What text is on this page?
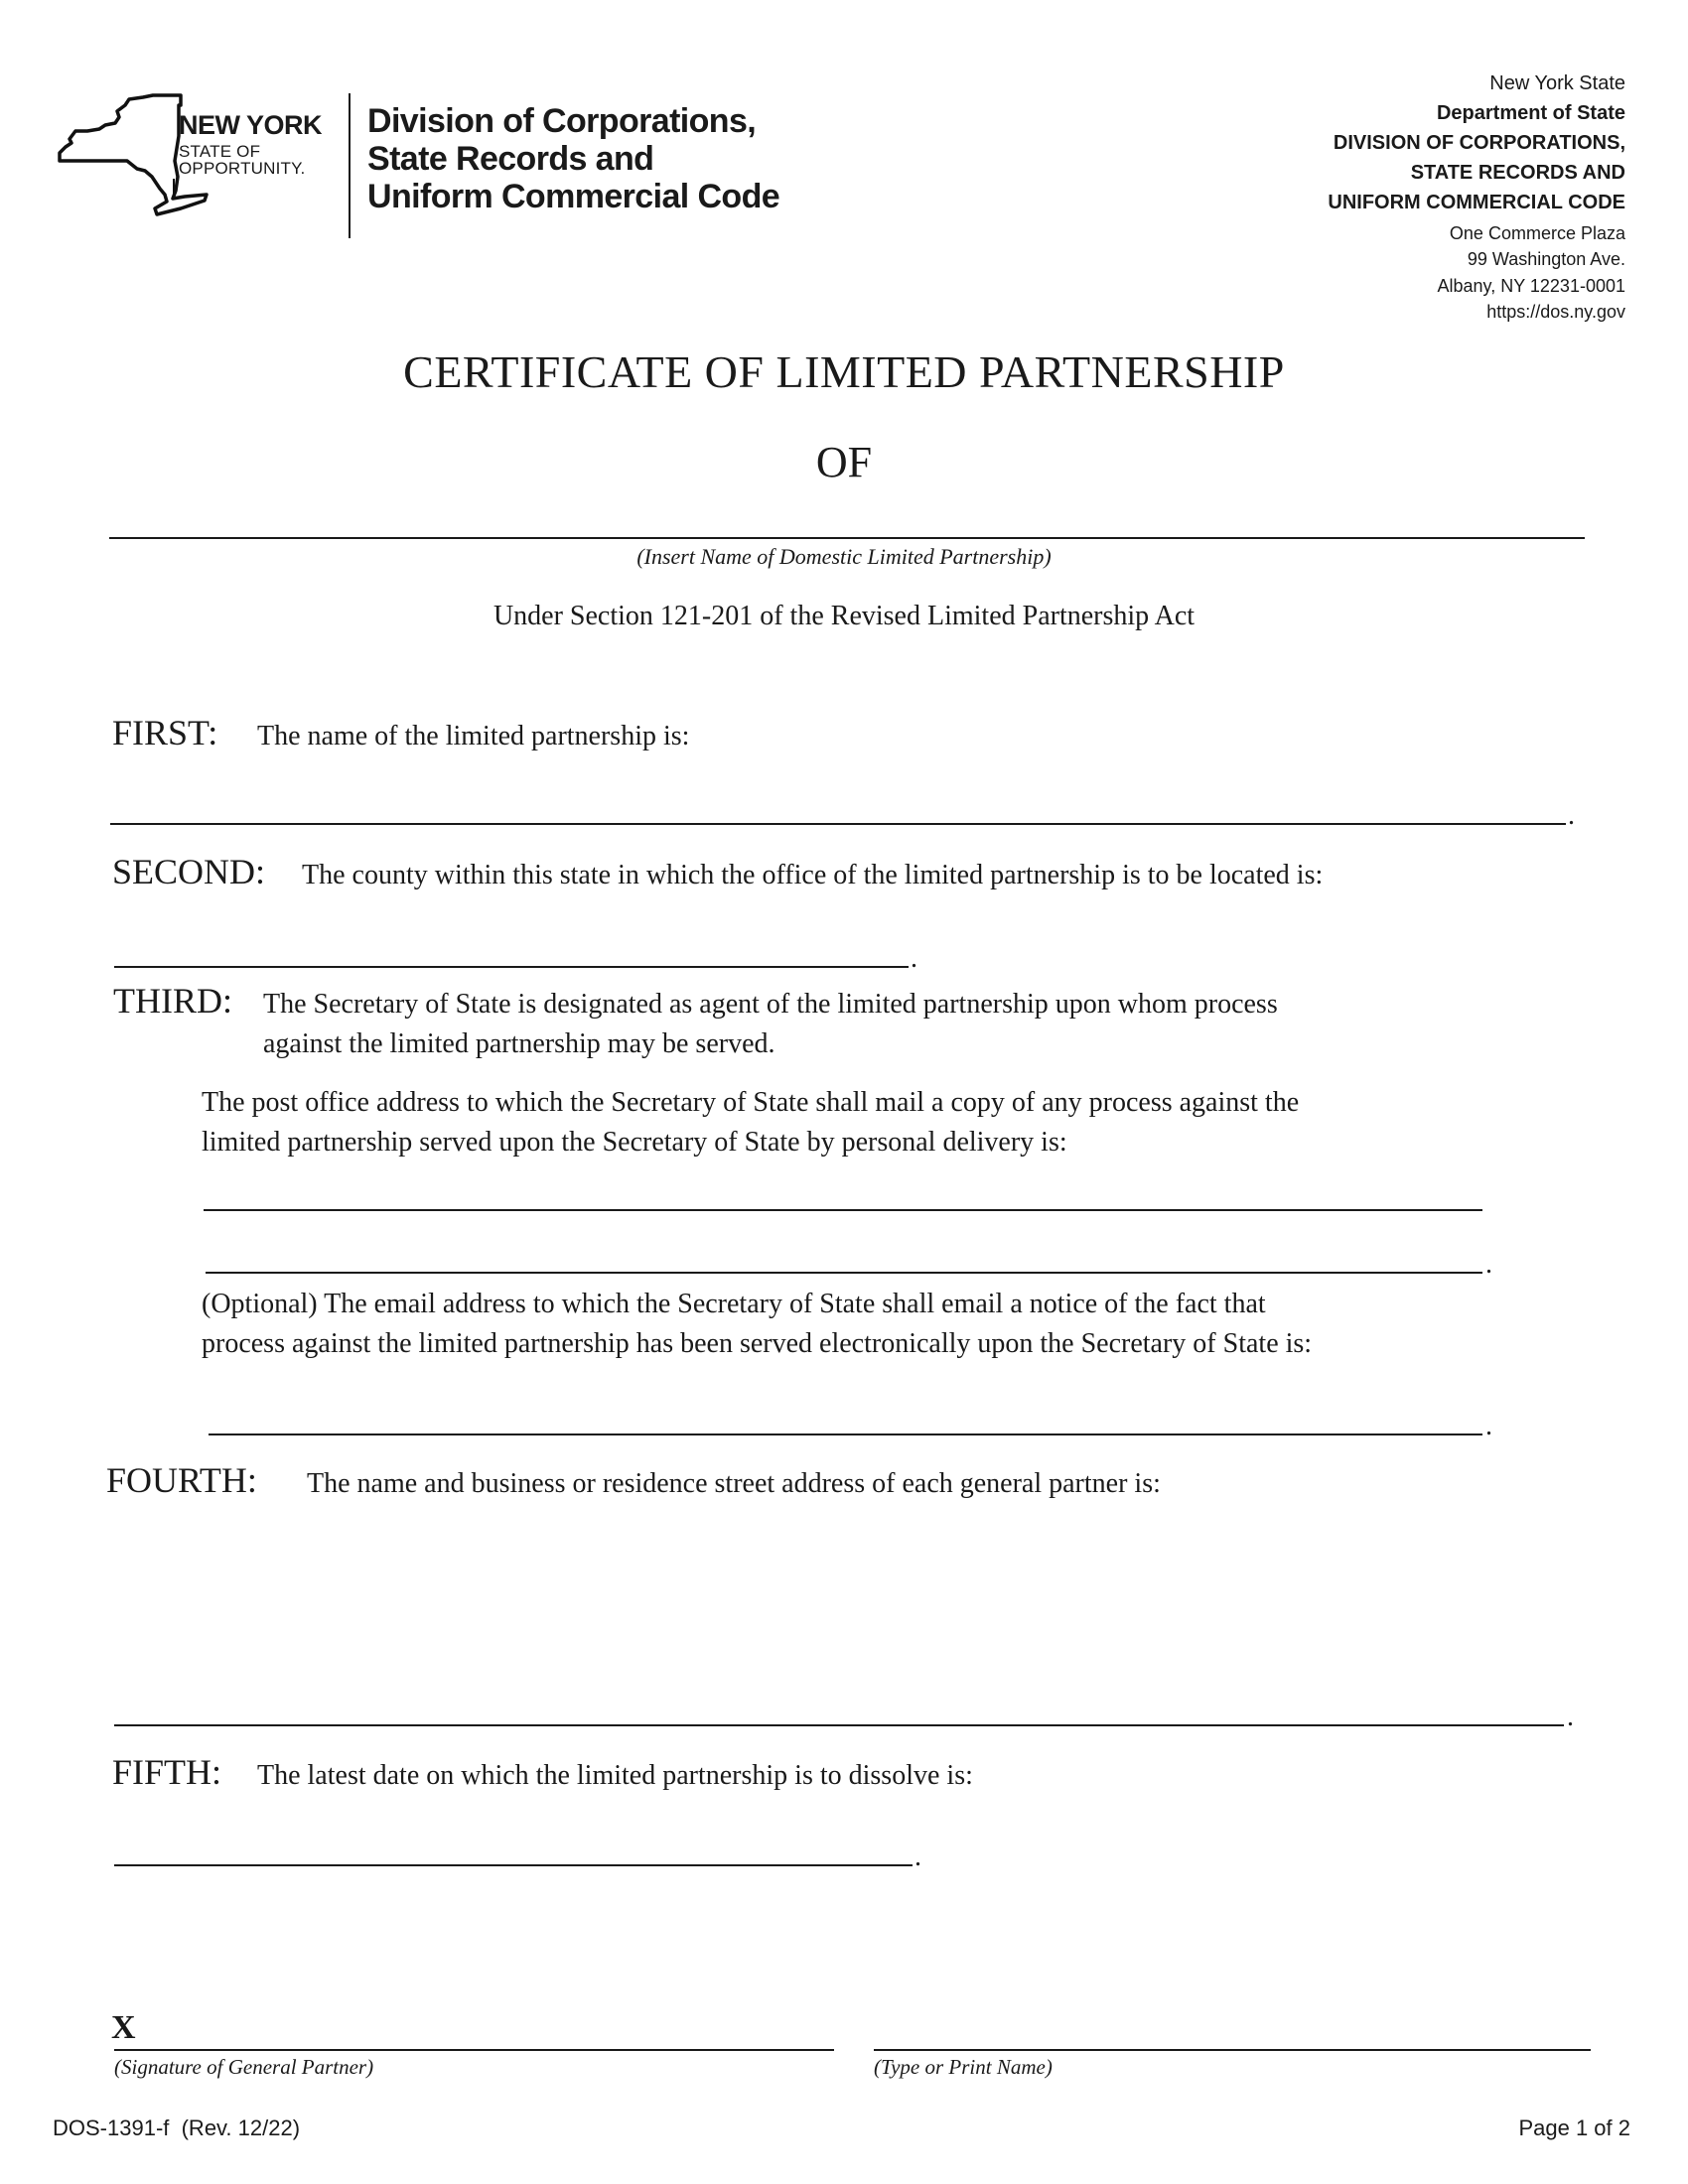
NEW YORK
STATE OF
OPPORTUNITY.
Division of Corporations,
State Records and
Uniform Commercial Code
New York State
Department of State
DIVISION OF CORPORATIONS,
STATE RECORDS AND
UNIFORM COMMERCIAL CODE
One Commerce Plaza
99 Washington Ave.
Albany, NY 12231-0001
https://dos.ny.gov
CERTIFICATE OF LIMITED PARTNERSHIP
OF
(Insert Name of Domestic Limited Partnership)
Under Section 121-201 of the Revised Limited Partnership Act
FIRST: The name of the limited partnership is:
.
SECOND: The county within this state in which the office of the limited partnership is to be located is:
.
THIRD: The Secretary of State is designated as agent of the limited partnership upon whom process
against the limited partnership may be served.
The post office address to which the Secretary of State shall mail a copy of any process against the
limited partnership served upon the Secretary of State by personal delivery is:
.
(Optional) The email address to which the Secretary of State shall email a notice of the fact that
process against the limited partnership has been served electronically upon the Secretary of State is:
.
FOURTH: The name and business or residence street address of each general partner is:
.
FIFTH: The latest date on which the limited partnership is to dissolve is:
.
X
(Signature of General Partner)	(Type or Print Name)
DOS-1391-f  (Rev. 12/22)	Page 1 of 2
